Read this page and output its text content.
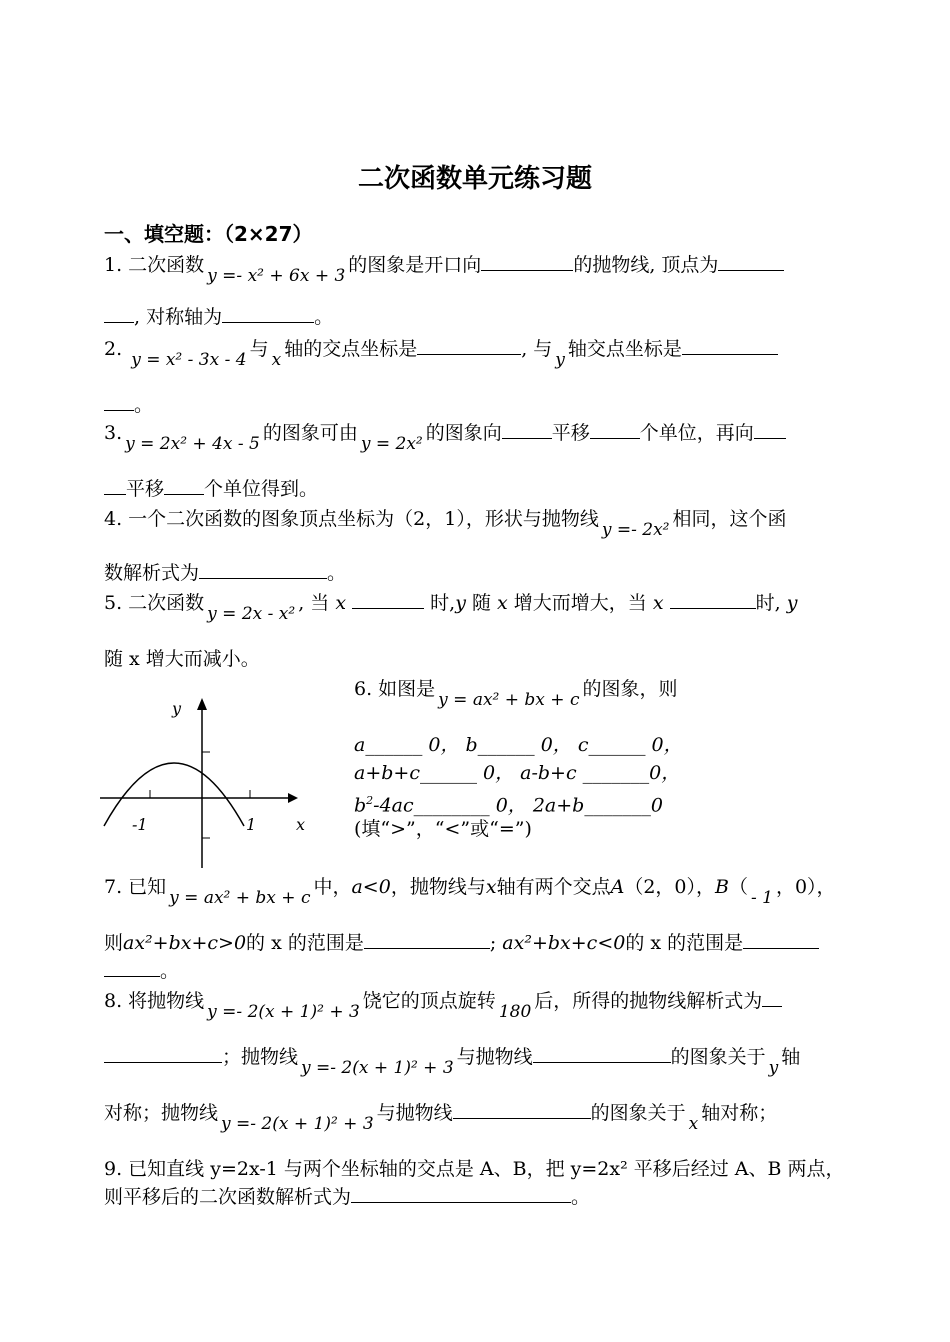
二次函数单元练习题
一、填空题：（2×27）
1. 二次函数 y =- x² + 6x + 3 的图象是开口向	的抛物线, 顶点为
, 对称轴为	。
2. y = x² - 3x - 4 与 x 轴的交点坐标是	, 与 y 轴交点坐标是
。
3. y = 2x² + 4x - 5 的图象可由 y = 2x² 的图象向	平移	个单位，再向
平移 个单位得到。
4. 一个二次函数的图象顶点坐标为（2，1），形状与抛物线 y =- 2x² 相同，这个函
数解析式为	。
5. 二次函数 y = 2x - x² , 当 x	时,y 随 x 增大而增大，当 x	时, y
随 x 增大而减小。
y
x
-1	1
6. 如图是 y = ax² + bx + c 的图象，则
a______ 0， b______ 0， c______ 0，
a+b+c______ 0， a-b+c _______0，
$b^2-4ac\_\_\_\_\_\_\_\_$ 0， 2a+b_______0
(填“>”，“<”或“=”)
7. 已知 y = ax² + bx + c 中，a<0，抛物线与x轴有两个交点A（2，0），B（ - 1 ，0），
则ax²+bx+c>0的 x 的范围是	; ax²+bx+c<0的 x 的范围是
。
8. 将抛物线 y =- 2(x + 1)² + 3 饶它的顶点旋转 180 后，所得的抛物线解析式为
；抛物线 y =- 2(x + 1)² + 3 与抛物线	的图象关于 y 轴
对称；抛物线 y =- 2(x + 1)² + 3 与抛物线	的图象关于 x 轴对称；
9. 已知直线 y=2x-1 与两个坐标轴的交点是 A、B，把 y=2x² 平移后经过 A、B 两点，
则平移后的二次函数解析式为	。
